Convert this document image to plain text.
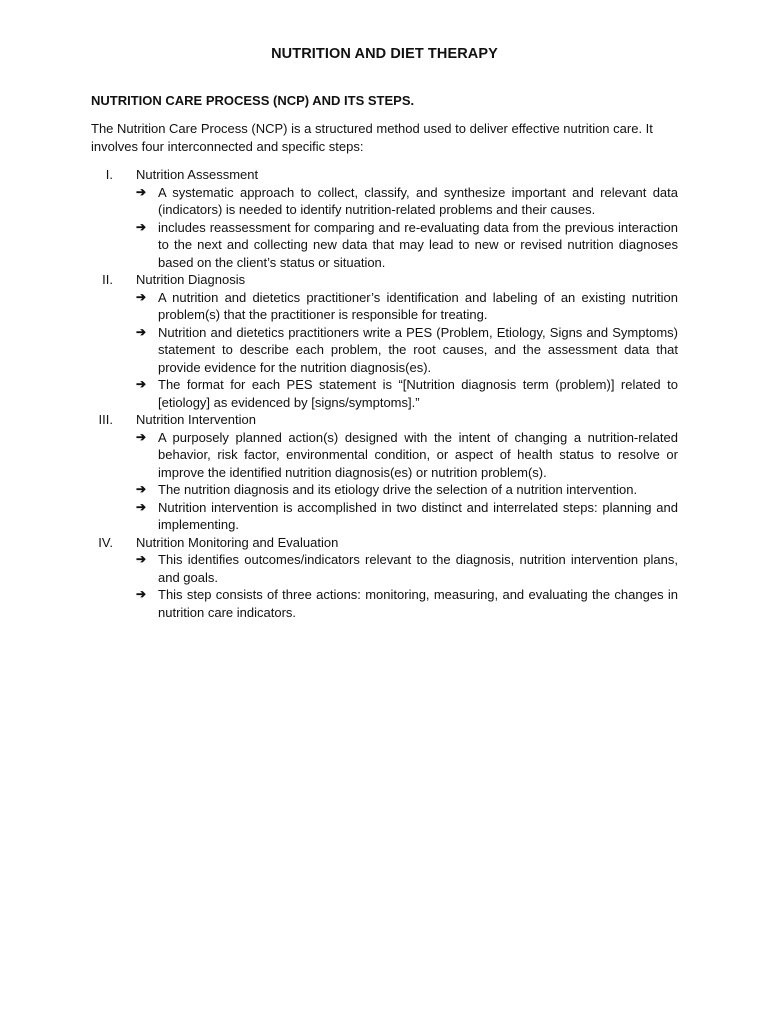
NUTRITION AND DIET THERAPY
NUTRITION CARE PROCESS (NCP) AND ITS STEPS.
The Nutrition Care Process (NCP) is a structured method used to deliver effective nutrition care. It involves four interconnected and specific steps:
I.	Nutrition Assessment
➔ A systematic approach to collect, classify, and synthesize important and relevant data (indicators) is needed to identify nutrition-related problems and their causes.
➔ includes reassessment for comparing and re-evaluating data from the previous interaction to the next and collecting new data that may lead to new or revised nutrition diagnoses based on the client’s status or situation.
II.	Nutrition Diagnosis
➔ A nutrition and dietetics practitioner’s identification and labeling of an existing nutrition problem(s) that the practitioner is responsible for treating.
➔ Nutrition and dietetics practitioners write a PES (Problem, Etiology, Signs and Symptoms) statement to describe each problem, the root causes, and the assessment data that provide evidence for the nutrition diagnosis(es).
➔ The format for each PES statement is “[Nutrition diagnosis term (problem)] related to [etiology] as evidenced by [signs/symptoms].”
III.	Nutrition Intervention
➔ A purposely planned action(s) designed with the intent of changing a nutrition-related behavior, risk factor, environmental condition, or aspect of health status to resolve or improve the identified nutrition diagnosis(es) or nutrition problem(s).
➔ The nutrition diagnosis and its etiology drive the selection of a nutrition intervention.
➔ Nutrition intervention is accomplished in two distinct and interrelated steps: planning and implementing.
IV.	Nutrition Monitoring and Evaluation
➔ This identifies outcomes/indicators relevant to the diagnosis, nutrition intervention plans, and goals.
➔ This step consists of three actions: monitoring, measuring, and evaluating the changes in nutrition care indicators.
